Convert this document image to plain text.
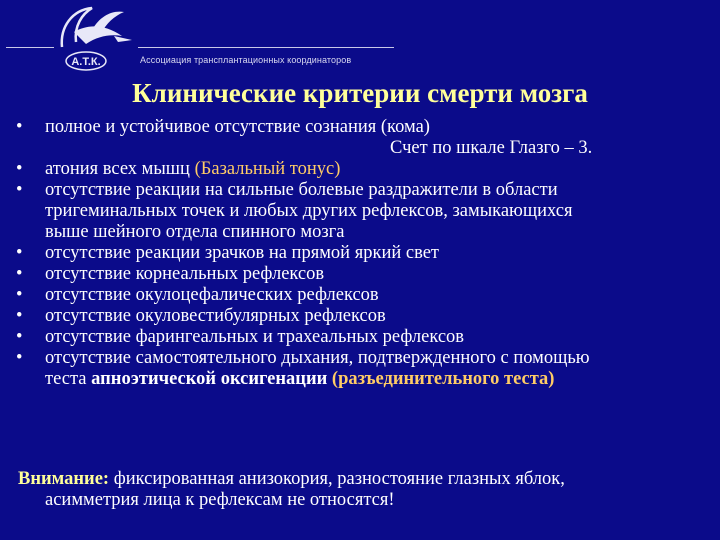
А.Т.К.	Ассоциация трансплантационных координаторов
Клинические критерии смерти мозга
• полное и устойчивое отсутствие сознания (кома)
Счет по шкале Глазго – 3.
• атония всех мышц (Базальный тонус)
• отсутствие реакции на сильные болевые раздражители в области
тригеминальных точек и любых других рефлексов, замыкающихся
выше шейного отдела спинного мозга
• отсутствие реакции зрачков на прямой яркий свет
• отсутствие корнеальных рефлексов
• отсутствие окулоцефалических рефлексов
• отсутствие окуловестибулярных рефлексов
• отсутствие фарингеальных и трахеальных рефлексов
• отсутствие самостоятельного дыхания, подтвержденного с помощью
теста апноэтической оксигенации (разъединительного теста)
Внимание: фиксированная анизокория, разностояние глазных яблок,
асимметрия лица к рефлексам не относятся!
